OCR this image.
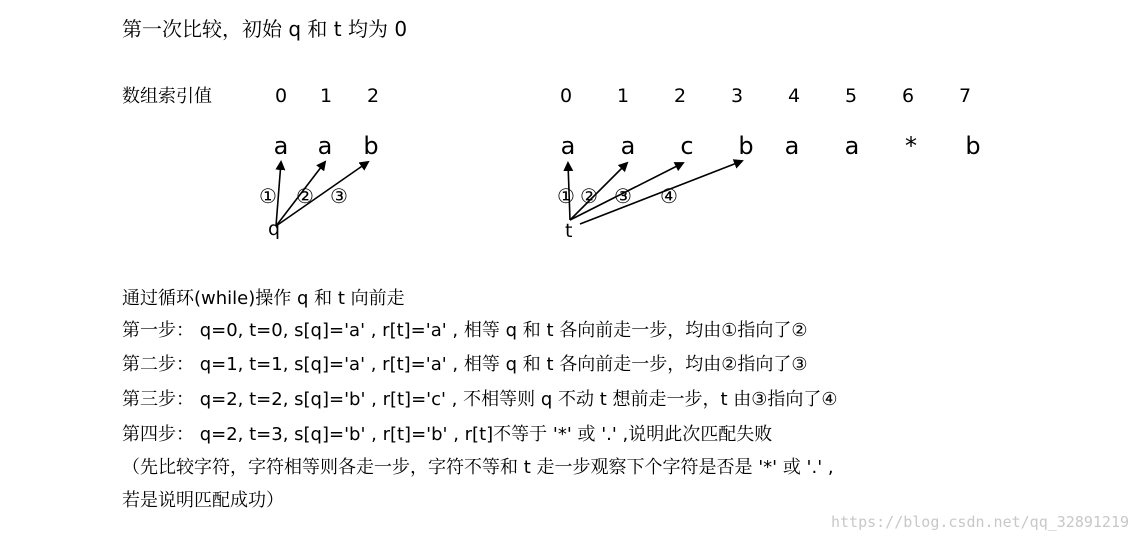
第一次比较，初始 q 和 t 均为 0
数组索引值	0 1 2
a a b
① ② ③
q
0 1 2 3 4 5 6 7
a a c b a a * b
① ② ③ ④
t
通过循环(while)操作 q 和 t 向前走
第一步： q=0, t=0, s[q]='a' , r[t]='a' , 相等 q 和 t 各向前走一步，均由①指向了②
第二步： q=1, t=1, s[q]='a' , r[t]='a' , 相等 q 和 t 各向前走一步，均由②指向了③
第三步： q=2, t=2, s[q]='b' , r[t]='c' , 不相等则 q 不动 t 想前走一步，t 由③指向了④
第四步： q=2, t=3, s[q]='b' , r[t]='b' , r[t]不等于 '*' 或 '.' ,说明此次匹配失败
（先比较字符，字符相等则各走一步，字符不等和 t 走一步观察下个字符是否是 '*' 或 '.' ,
若是说明匹配成功）
https://blog.csdn.net/qq_32891219
